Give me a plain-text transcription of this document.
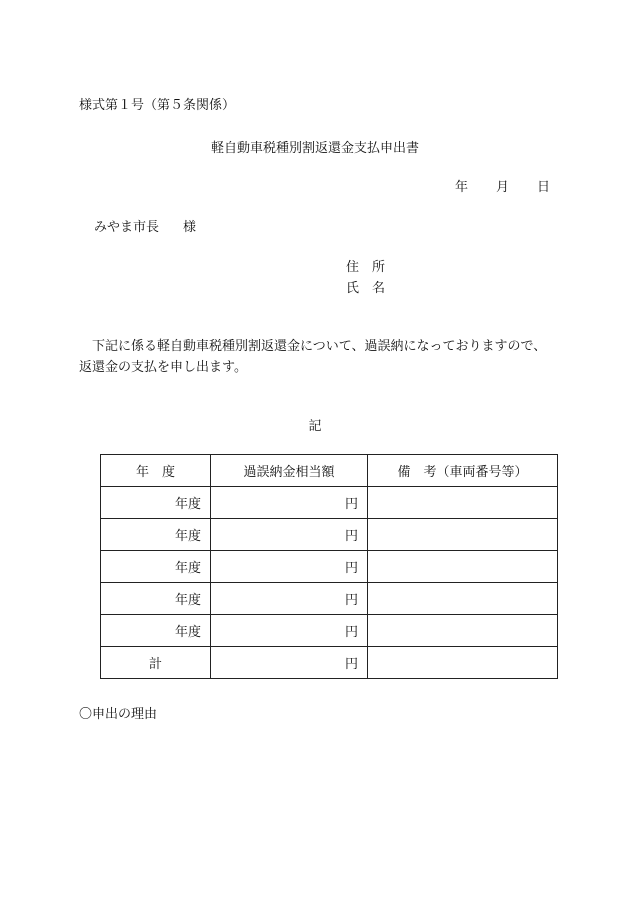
様式第１号（第５条関係）
軽自動車税種別割返還金支払申出書
年 月 日
みやま市長 様
住　所
氏　名
下記に係る軽自動車税種別割返還金について、過誤納になっておりますので、返還金の支払を申し出ます。
記
年　度	過誤納金相当額	備　考（車両番号等）
年度	円	
年度	円	
年度	円	
年度	円	
年度	円	
計	円	
〇申出の理由
